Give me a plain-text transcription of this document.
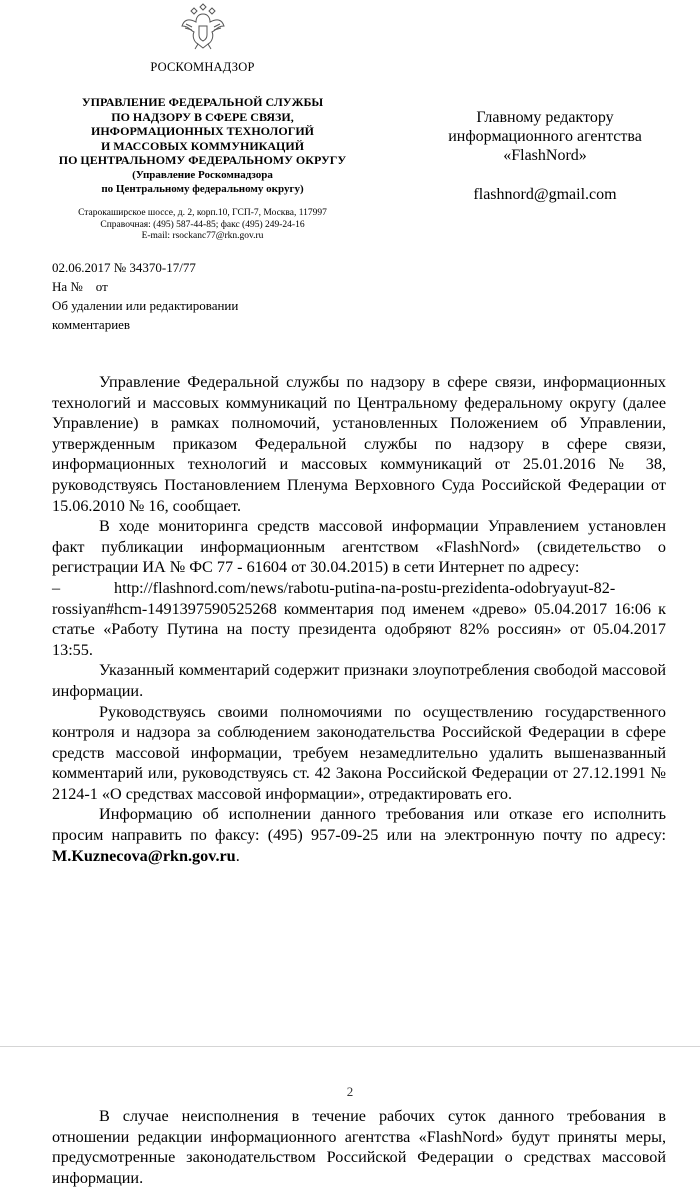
РОСКОМНАДЗОР
УПРАВЛЕНИЕ ФЕДЕРАЛЬНОЙ СЛУЖБЫ
ПО НАДЗОРУ В СФЕРЕ СВЯЗИ,
ИНФОРМАЦИОННЫХ ТЕХНОЛОГИЙ
И МАССОВЫХ КОММУНИКАЦИЙ
ПО ЦЕНТРАЛЬНОМУ ФЕДЕРАЛЬНОМУ ОКРУГУ
(Управление Роскомнадзора
по Центральному федеральному округу)
Старокаширское шоссе, д. 2, корп.10, ГСП-7, Москва, 117997
Справочная: (495) 587-44-85; факс (495) 249-24-16
E-mail: rsockanc77@rkn.gov.ru
Главному редактору
информационного агентства
«FlashNord»
flashnord@gmail.com
02.06.2017 № 34370-17/77
На №    от
Об удалении или редактировании
комментариев

Управление Федеральной службы по надзору в сфере связи, информационных технологий и массовых коммуникаций по Центральному федеральному округу (далее Управление) в рамках полномочий, установленных Положением об Управлении, утвержденным приказом Федеральной службы по надзору в сфере связи, информационных технологий и массовых коммуникаций от 25.01.2016 № 38, руководствуясь Постановлением Пленума Верховного Суда Российской Федерации от 15.06.2010 № 16, сообщает.

В ходе мониторинга средств массовой информации Управлением установлен факт публикации информационным агентством «FlashNord» (свидетельство о регистрации ИА № ФС 77 - 61604 от 30.04.2015) в сети Интернет по адресу:

–	http://flashnord.com/news/rabotu-putina-na-postu-prezidenta-odobryayut-82-rossiyan#hcm-1491397590525268 комментария под именем «древо» 05.04.2017 16:06 к статье «Работу Путина на посту президента одобряют 82% россиян» от 05.04.2017 13:55.

Указанный комментарий содержит признаки злоупотребления свободой массовой информации.

Руководствуясь своими полномочиями по осуществлению государственного контроля и надзора за соблюдением законодательства Российской Федерации в сфере средств массовой информации, требуем незамедлительно удалить вышеназванный комментарий или, руководствуясь ст. 42 Закона Российской Федерации от 27.12.1991 № 2124-1 «О средствах массовой информации», отредактировать его.

Информацию об исполнении данного требования или отказе его исполнить просим направить по факсу: (495) 957-09-25 или на электронную почту по адресу: M.Kuznecova@rkn.gov.ru.

2

В случае неисполнения в течение рабочих суток данного требования в отношении редакции информационного агентства «FlashNord» будут приняты меры, предусмотренные законодательством Российской Федерации о средствах массовой информации.
